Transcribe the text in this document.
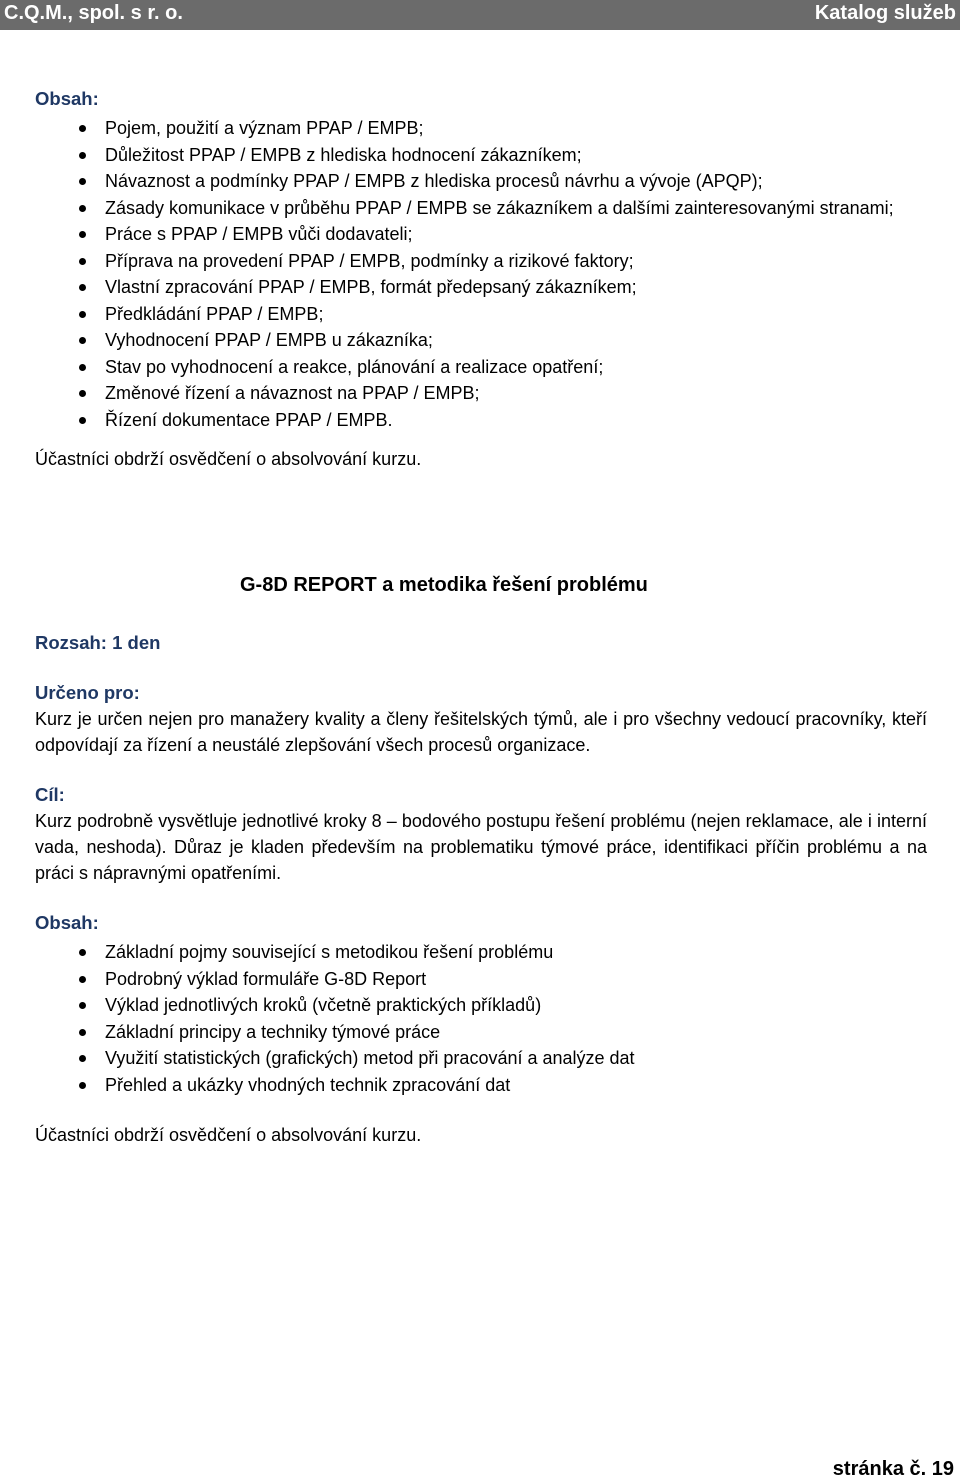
C.Q.M., spol. s r. o.	Katalog služeb
Obsah:
Pojem, použití a význam PPAP / EMPB;
Důležitost PPAP / EMPB z hlediska hodnocení zákazníkem;
Návaznost a podmínky PPAP / EMPB z hlediska procesů návrhu a vývoje (APQP);
Zásady komunikace v průběhu PPAP / EMPB se zákazníkem a dalšími zainteresovanými stranami;
Práce s PPAP / EMPB vůči dodavateli;
Příprava na provedení PPAP / EMPB, podmínky a rizikové faktory;
Vlastní zpracování PPAP / EMPB, formát předepsaný zákazníkem;
Předkládání PPAP / EMPB;
Vyhodnocení PPAP / EMPB u zákazníka;
Stav po vyhodnocení a reakce, plánování a realizace opatření;
Změnové řízení a návaznost na PPAP / EMPB;
Řízení dokumentace PPAP / EMPB.

Účastníci obdrží osvědčení o absolvování kurzu.

G-8D REPORT a metodika řešení problému
Rozsah: 1 den
Určeno pro:

Kurz je určen nejen pro manažery kvality a členy řešitelských týmů, ale i pro všechny vedoucí pracovníky, kteří odpovídají za řízení a neustálé zlepšování všech procesů organizace.

Cíl:

Kurz podrobně vysvětluje jednotlivé kroky 8 – bodového postupu řešení problému (nejen reklamace, ale i interní vada, neshoda). Důraz je kladen především na problematiku týmové práce, identifikaci příčin problému a na práci s nápravnými opatřeními.

Obsah:
Základní pojmy související s metodikou řešení problému
Podrobný výklad formuláře G-8D Report
Výklad jednotlivých kroků (včetně praktických příkladů)
Základní principy a techniky týmové práce
Využití statistických (grafických) metod při pracování a analýze dat
Přehled a ukázky vhodných technik zpracování dat

Účastníci obdrží osvědčení o absolvování kurzu.

stránka č. 19
